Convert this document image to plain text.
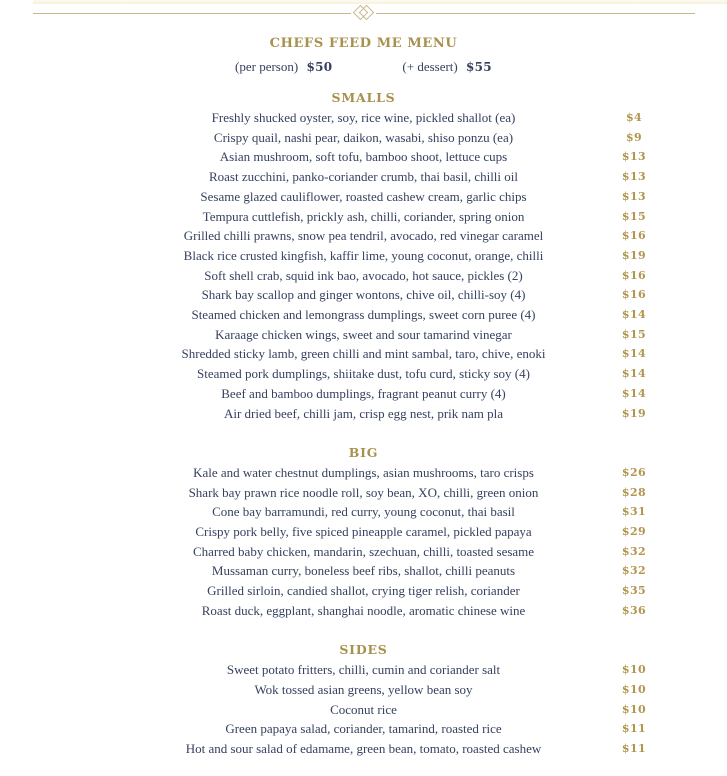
CHEFS FEED ME MENU
(per person) $50	(+ dessert) $55
SMALLS
Freshly shucked oyster, soy, rice wine, pickled shallot (ea)	$4
Crispy quail, nashi pear, daikon, wasabi, shiso ponzu (ea)	$9
Asian mushroom, soft tofu, bamboo shoot, lettuce cups	$13
Roast zucchini, panko-coriander crumb, thai basil, chilli oil	$13
Sesame glazed cauliflower, roasted cashew cream, garlic chips	$13
Tempura cuttlefish, prickly ash, chilli, coriander, spring onion	$15
Grilled chilli prawns, snow pea tendril, avocado, red vinegar caramel	$16
Black rice crusted kingfish, kaffir lime, young coconut, orange, chilli	$19
Soft shell crab, squid ink bao, avocado, hot sauce, pickles (2)	$16
Shark bay scallop and ginger wontons, chive oil, chilli-soy (4)	$16
Steamed chicken and lemongrass dumplings, sweet corn puree (4)	$14
Karaage chicken wings, sweet and sour tamarind vinegar	$15
Shredded sticky lamb, green chilli and mint sambal, taro, chive, enoki	$14
Steamed pork dumplings, shiitake dust, tofu curd, sticky soy (4)	$14
Beef and bamboo dumplings, fragrant peanut curry (4)	$14
Air dried beef, chilli jam, crisp egg nest, prik nam pla	$19
BIG
Kale and water chestnut dumplings, asian mushrooms, taro crisps	$26
Shark bay prawn rice noodle roll, soy bean, XO, chilli, green onion	$28
Cone bay barramundi, red curry, young coconut, thai basil	$31
Crispy pork belly, five spiced pineapple caramel, pickled papaya	$29
Charred baby chicken, mandarin, szechuan, chilli, toasted sesame	$32
Mussaman curry, boneless beef ribs, shallot, chilli peanuts	$32
Grilled sirloin, candied shallot, crying tiger relish, coriander	$35
Roast duck, eggplant, shanghai noodle, aromatic chinese wine	$36
SIDES
Sweet potato fritters, chilli, cumin and coriander salt	$10
Wok tossed asian greens, yellow bean soy	$10
Coconut rice	$10
Green papaya salad, coriander, tamarind, roasted rice	$11
Hot and sour salad of edamame, green bean, tomato, roasted cashew	$11
